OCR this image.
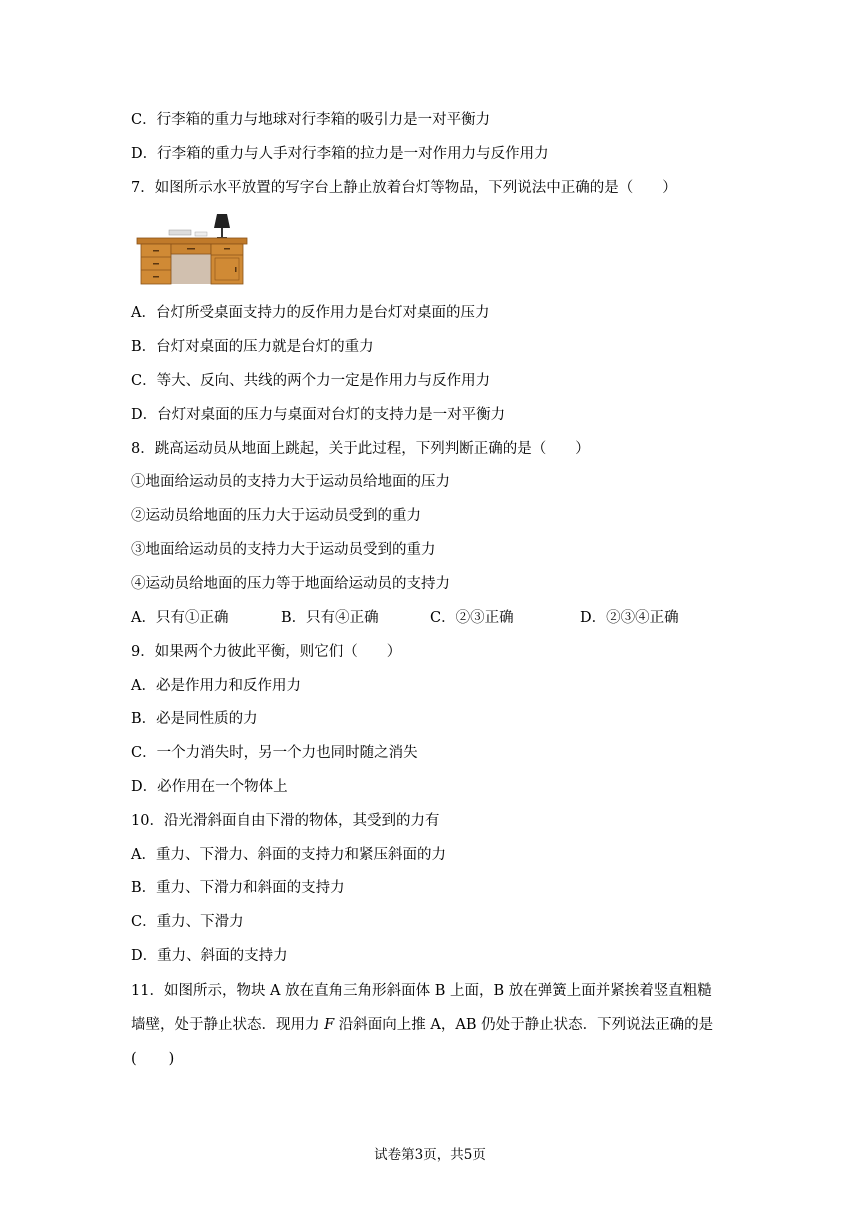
C．行李箱的重力与地球对行李箱的吸引力是一对平衡力
D．行李箱的重力与人手对行李箱的拉力是一对作用力与反作用力
7．如图所示水平放置的写字台上静止放着台灯等物品，下列说法中正确的是（　　）
A．台灯所受桌面支持力的反作用力是台灯对桌面的压力
B．台灯对桌面的压力就是台灯的重力
C．等大、反向、共线的两个力一定是作用力与反作用力
D．台灯对桌面的压力与桌面对台灯的支持力是一对平衡力
8．跳高运动员从地面上跳起，关于此过程，下列判断正确的是（　　）
①地面给运动员的支持力大于运动员给地面的压力
②运动员给地面的压力大于运动员受到的重力
③地面给运动员的支持力大于运动员受到的重力
④运动员给地面的压力等于地面给运动员的支持力
A．只有①正确	B．只有④正确	C．②③正确	D．②③④正确
9．如果两个力彼此平衡，则它们（　　）
A．必是作用力和反作用力
B．必是同性质的力
C．一个力消失时，另一个力也同时随之消失
D．必作用在一个物体上
10．沿光滑斜面自由下滑的物体，其受到的力有
A．重力、下滑力、斜面的支持力和紧压斜面的力
B．重力、下滑力和斜面的支持力
C．重力、下滑力
D．重力、斜面的支持力
11．如图所示，物块 A 放在直角三角形斜面体 B 上面，B 放在弹簧上面并紧挨着竖直粗糙
墙壁，处于静止状态．现用力 F 沿斜面向上推 A，AB 仍处于静止状态．下列说法正确的是
( )
试卷第3页，共5页
